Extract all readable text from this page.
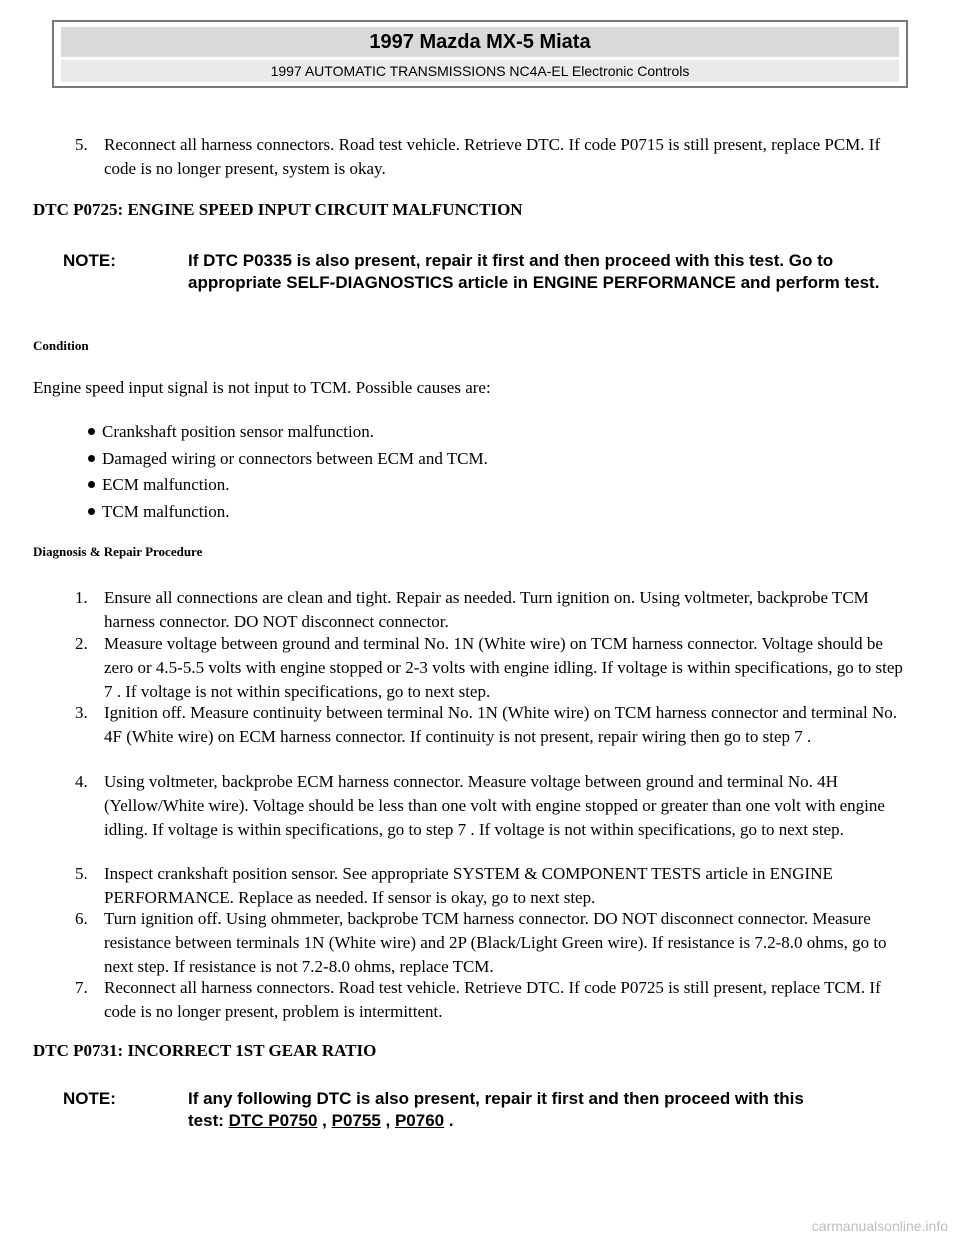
1997 Mazda MX-5 Miata
1997 AUTOMATIC TRANSMISSIONS NC4A-EL Electronic Controls
5. Reconnect all harness connectors. Road test vehicle. Retrieve DTC. If code P0715 is still present, replace PCM. If code is no longer present, system is okay.
DTC P0725: ENGINE SPEED INPUT CIRCUIT MALFUNCTION
NOTE:	If DTC P0335 is also present, repair it first and then proceed with this test. Go to appropriate SELF-DIAGNOSTICS article in ENGINE PERFORMANCE and perform test.
Condition
Engine speed input signal is not input to TCM. Possible causes are:
Crankshaft position sensor malfunction.
Damaged wiring or connectors between ECM and TCM.
ECM malfunction.
TCM malfunction.
Diagnosis & Repair Procedure
1. Ensure all connections are clean and tight. Repair as needed. Turn ignition on. Using voltmeter, backprobe TCM harness connector. DO NOT disconnect connector.
2. Measure voltage between ground and terminal No. 1N (White wire) on TCM harness connector. Voltage should be zero or 4.5-5.5 volts with engine stopped or 2-3 volts with engine idling. If voltage is within specifications, go to step 7 . If voltage is not within specifications, go to next step.
3. Ignition off. Measure continuity between terminal No. 1N (White wire) on TCM harness connector and terminal No. 4F (White wire) on ECM harness connector. If continuity is not present, repair wiring then go to step 7 .
4. Using voltmeter, backprobe ECM harness connector. Measure voltage between ground and terminal No. 4H (Yellow/White wire). Voltage should be less than one volt with engine stopped or greater than one volt with engine idling. If voltage is within specifications, go to step 7 . If voltage is not within specifications, go to next step.
5. Inspect crankshaft position sensor. See appropriate SYSTEM & COMPONENT TESTS article in ENGINE PERFORMANCE. Replace as needed. If sensor is okay, go to next step.
6. Turn ignition off. Using ohmmeter, backprobe TCM harness connector. DO NOT disconnect connector. Measure resistance between terminals 1N (White wire) and 2P (Black/Light Green wire). If resistance is 7.2-8.0 ohms, go to next step. If resistance is not 7.2-8.0 ohms, replace TCM.
7. Reconnect all harness connectors. Road test vehicle. Retrieve DTC. If code P0725 is still present, replace TCM. If code is no longer present, problem is intermittent.
DTC P0731: INCORRECT 1ST GEAR RATIO
NOTE:	If any following DTC is also present, repair it first and then proceed with this
test: DTC P0750 , P0755 , P0760 .
carmanualsonline.info
